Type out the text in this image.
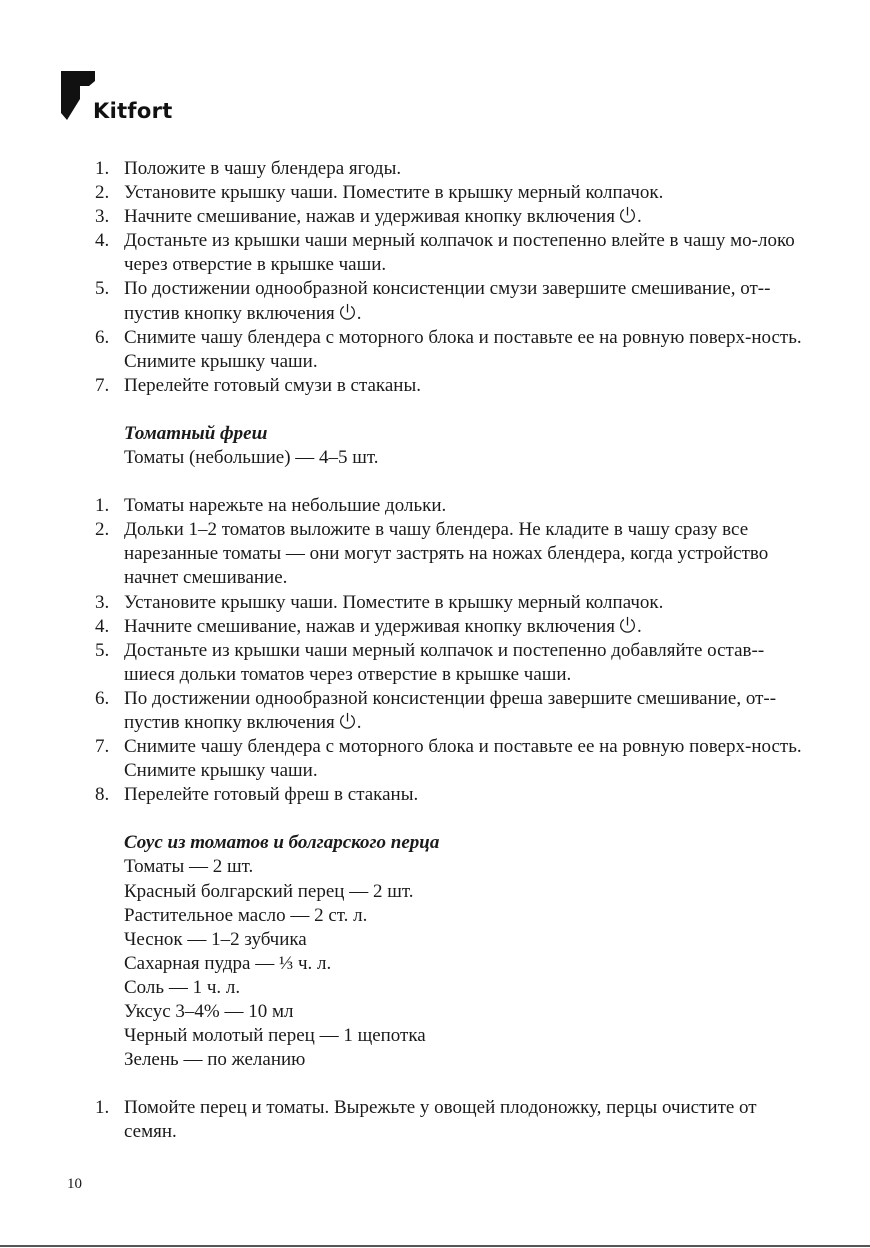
Kitfort
1. Положите в чашу блендера ягоды.
2. Установите крышку чаши. Поместите в крышку мерный колпачок.
3. Начните смешивание, нажав и удерживая кнопку включения .
4. Достаньте из крышки чаши мерный колпачок и постепенно влейте в чашу мо-локо через отверстие в крышке чаши.
5. По достижении однообразной консистенции смузи завершите смешивание, от-пустив кнопку включения .
6. Снимите чашу блендера с моторного блока и поставьте ее на ровную поверх-ность. Снимите крышку чаши.
7. Перелейте готовый смузи в стаканы.
Томатный фреш
Томаты (небольшие) — 4–5 шт.
1. Томаты нарежьте на небольшие дольки.
2. Дольки 1–2 томатов выложите в чашу блендера. Не кладите в чашу сразу все нарезанные томаты — они могут застрять на ножах блендера, когда устройство начнет смешивание.
3. Установите крышку чаши. Поместите в крышку мерный колпачок.
4. Начните смешивание, нажав и удерживая кнопку включения .
5. Достаньте из крышки чаши мерный колпачок и постепенно добавляйте остав-шиеся дольки томатов через отверстие в крышке чаши.
6. По достижении однообразной консистенции фреша завершите смешивание, от-пустив кнопку включения .
7. Снимите чашу блендера с моторного блока и поставьте ее на ровную поверх-ность. Снимите крышку чаши.
8. Перелейте готовый фреш в стаканы.
Соус из томатов и болгарского перца
Томаты — 2 шт.
Красный болгарский перец — 2 шт.
Растительное масло — 2 ст. л.
Чеснок — 1–2 зубчика
Сахарная пудра — ⅓ ч. л.
Соль — 1 ч. л.
Уксус 3–4% — 10 мл
Черный молотый перец — 1 щепотка
Зелень — по желанию
1. Помойте перец и томаты. Вырежьте у овощей плодоножку, перцы очистите от семян.
10
